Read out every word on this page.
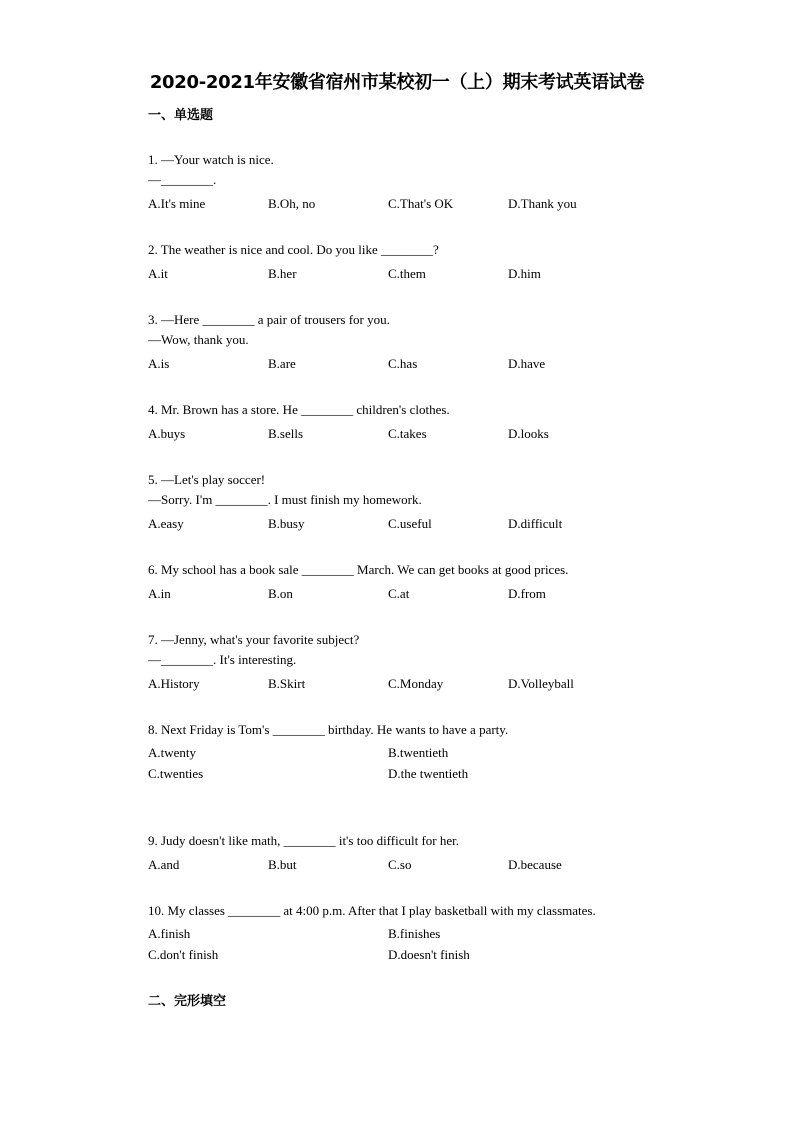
2020-2021年安徽省宿州市某校初一（上）期末考试英语试卷
一、单选题
1. —Your watch is nice.
—________.
A.It's mine	B.Oh, no	C.That's OK	D.Thank you
2. The weather is nice and cool. Do you like ________?
A.it	B.her	C.them	D.him
3. —Here ________ a pair of trousers for you.
—Wow, thank you.
A.is	B.are	C.has	D.have
4. Mr. Brown has a store. He ________ children's clothes.
A.buys	B.sells	C.takes	D.looks
5. —Let's play soccer!
—Sorry. I'm ________. I must finish my homework.
A.easy	B.busy	C.useful	D.difficult
6. My school has a book sale ________ March. We can get books at good prices.
A.in	B.on	C.at	D.from
7. —Jenny, what's your favorite subject?
—________. It's interesting.
A.History	B.Skirt	C.Monday	D.Volleyball
8. Next Friday is Tom's ________ birthday. He wants to have a party.
A.twenty	B.twentieth
C.twenties	D.the twentieth
9. Judy doesn't like math, ________ it's too difficult for her.
A.and	B.but	C.so	D.because
10. My classes ________ at 4:00 p.m. After that I play basketball with my classmates.
A.finish	B.finishes
C.don't finish	D.doesn't finish
二、完形填空
